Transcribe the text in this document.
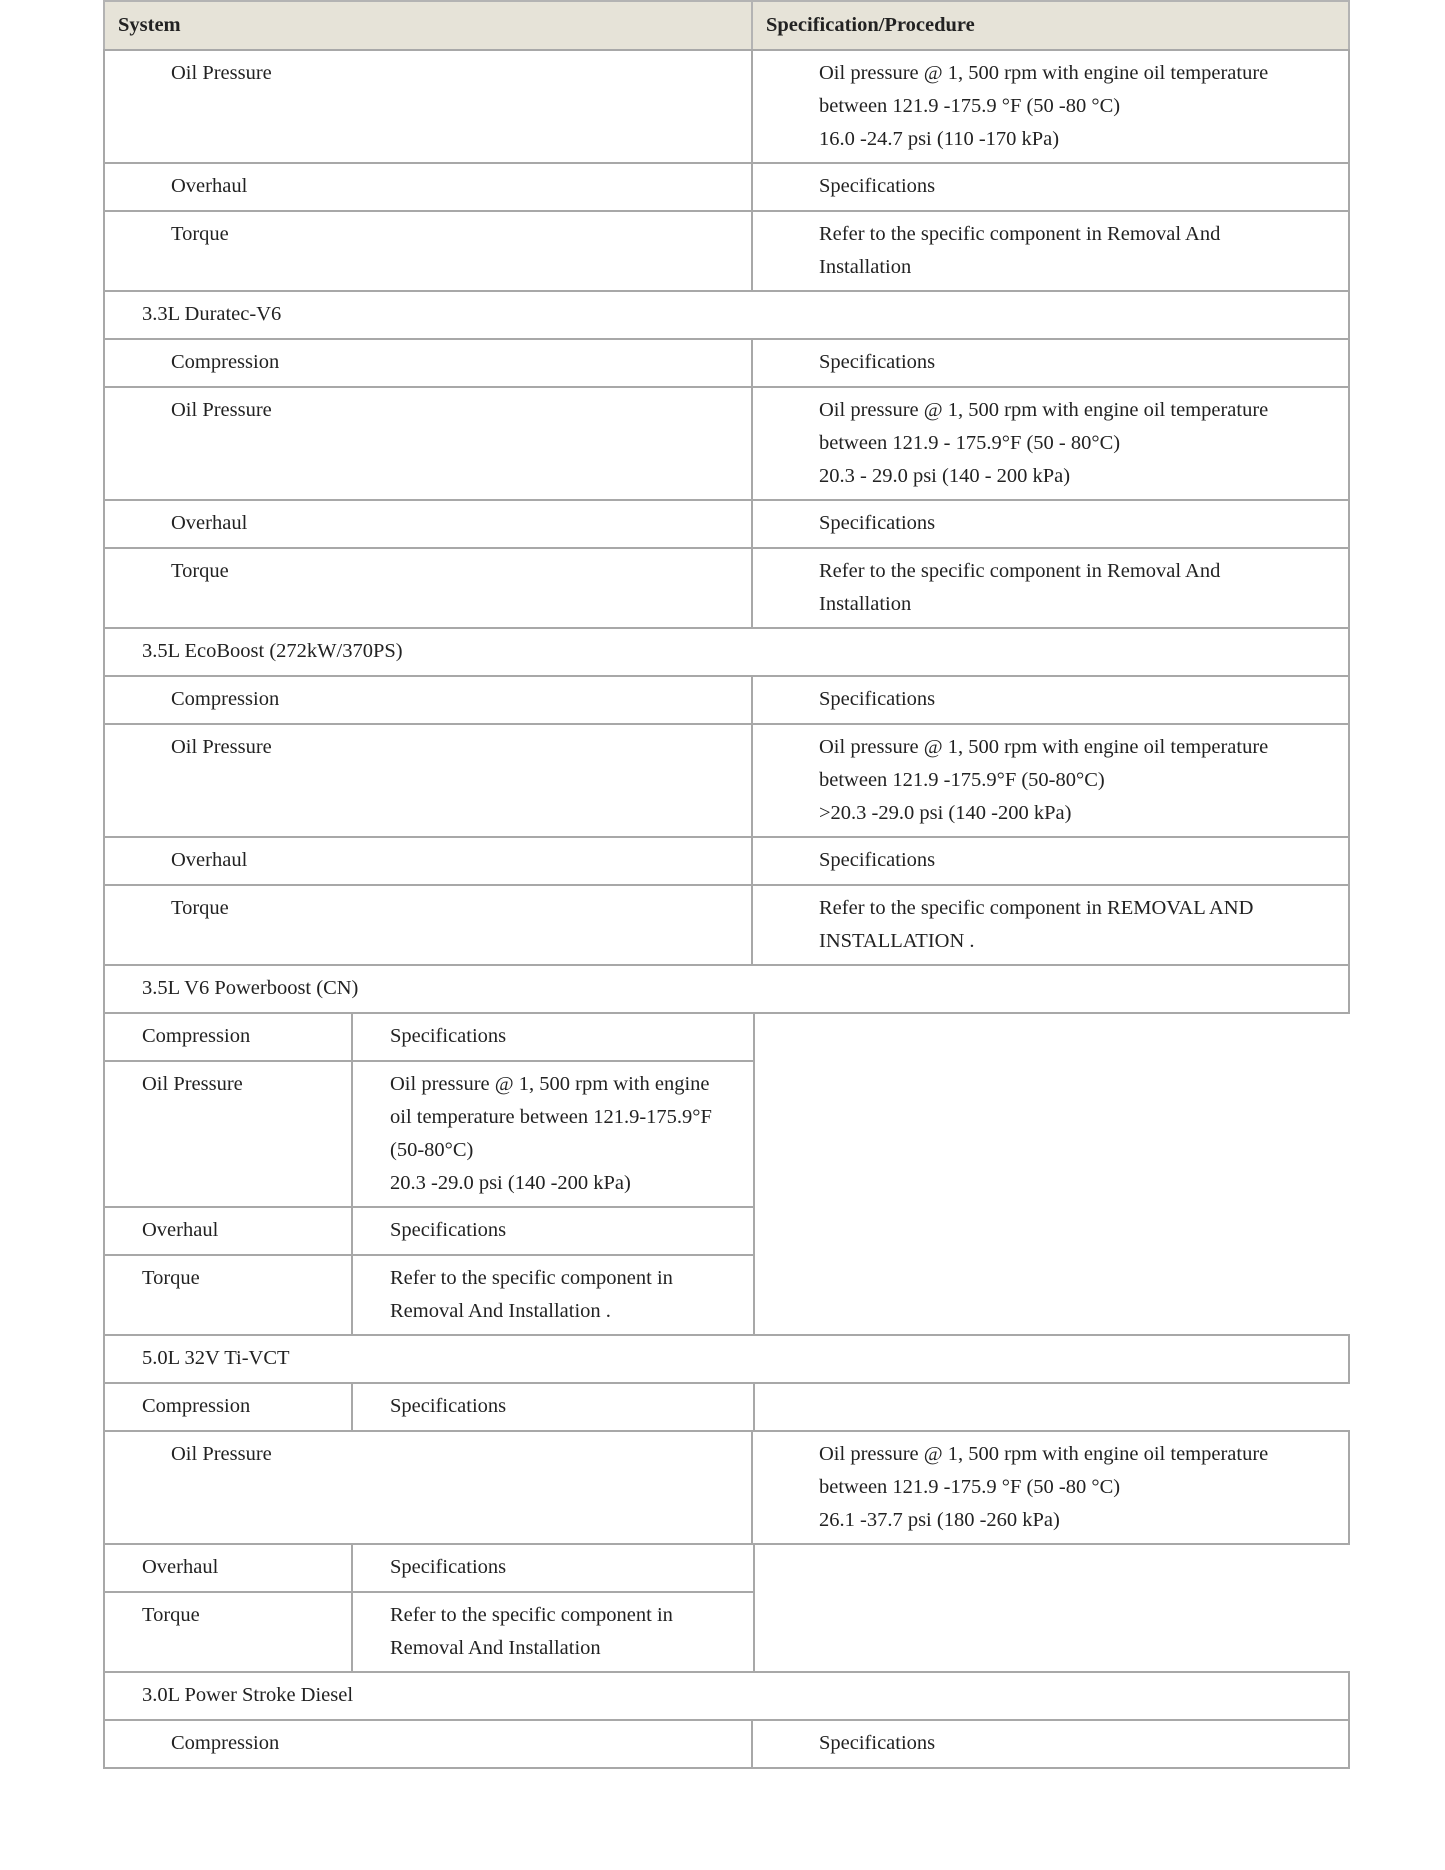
System	Specification/Procedure
Oil Pressure	Oil pressure @ 1, 500 rpm with engine oil temperature
between 121.9 -175.9 °F (50 -80 °C)
16.0 -24.7 psi (110 -170 kPa)
Overhaul	Specifications
Torque	Refer to the specific component in Removal And
Installation
3.3L Duratec-V6
Compression	Specifications
Oil Pressure	Oil pressure @ 1, 500 rpm with engine oil temperature
between 121.9 - 175.9°F (50 - 80°C)
20.3 - 29.0 psi (140 - 200 kPa)
Overhaul	Specifications
Torque	Refer to the specific component in Removal And
Installation
3.5L EcoBoost (272kW/370PS)
Compression	Specifications
Oil Pressure	Oil pressure @ 1, 500 rpm with engine oil temperature
between 121.9 -175.9°F (50-80°C)
>20.3 -29.0 psi (140 -200 kPa)
Overhaul	Specifications
Torque	Refer to the specific component in REMOVAL AND
INSTALLATION .
3.5L V6 Powerboost (CN)
Compression	Specifications
Oil Pressure	Oil pressure @ 1, 500 rpm with engine
oil temperature between 121.9-175.9°F
(50-80°C)
20.3 -29.0 psi (140 -200 kPa)
Overhaul	Specifications
Torque	Refer to the specific component in
Removal And Installation .
5.0L 32V Ti-VCT
Compression	Specifications
Oil Pressure	Oil pressure @ 1, 500 rpm with engine oil temperature
between 121.9 -175.9 °F (50 -80 °C)
26.1 -37.7 psi (180 -260 kPa)
Overhaul	Specifications
Torque	Refer to the specific component in
Removal And Installation
3.0L Power Stroke Diesel
Compression	Specifications
